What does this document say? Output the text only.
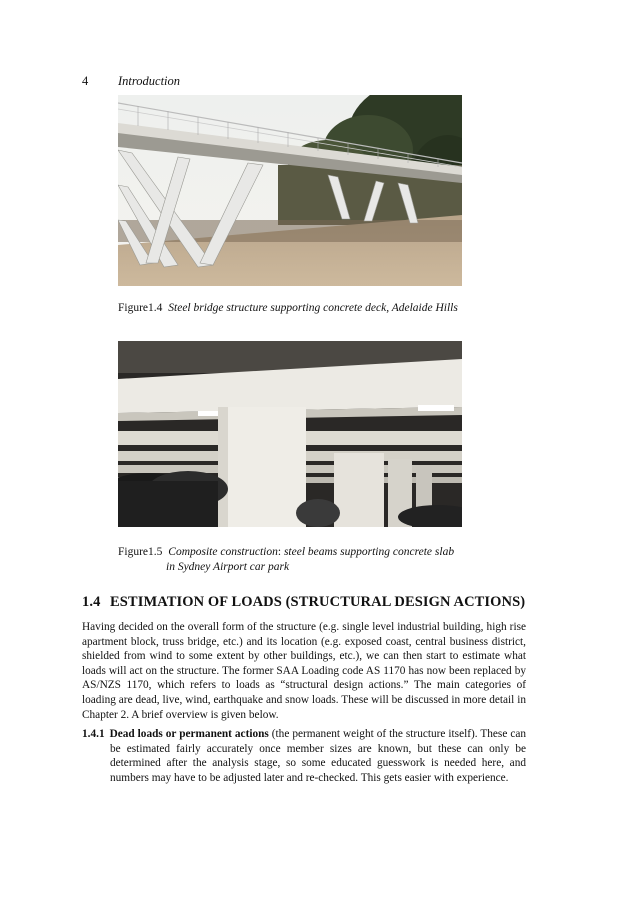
4 Introduction
Figure1.4 Steel bridge structure supporting concrete deck, Adelaide Hills
Figure1.5 Composite construction: steel beams supporting concrete slab
in Sydney Airport car park
1.4 ESTIMATION OF LOADS (STRUCTURAL DESIGN ACTIONS)

Having decided on the overall form of the structure (e.g. single level industrial building, high rise apartment block, truss bridge, etc.) and its location (e.g. exposed coast, central business district, shielded from wind to some extent by other buildings, etc.), we can then start to estimate what loads will act on the structure. The former SAA Loading code AS 1170 has now been replaced by AS/NZS 1170, which refers to loads as “structural design actions.” The main categories of loading are dead, live, wind, earthquake and snow loads. These will be discussed in more detail in Chapter 2. A brief overview is given below.

1.4.1 Dead loads or permanent actions (the permanent weight of the structure itself). These can be estimated fairly accurately once member sizes are known, but these can only be determined after the analysis stage, so some educated guesswork is needed here, and numbers may have to be adjusted later and re-checked. This gets easier with experience.
